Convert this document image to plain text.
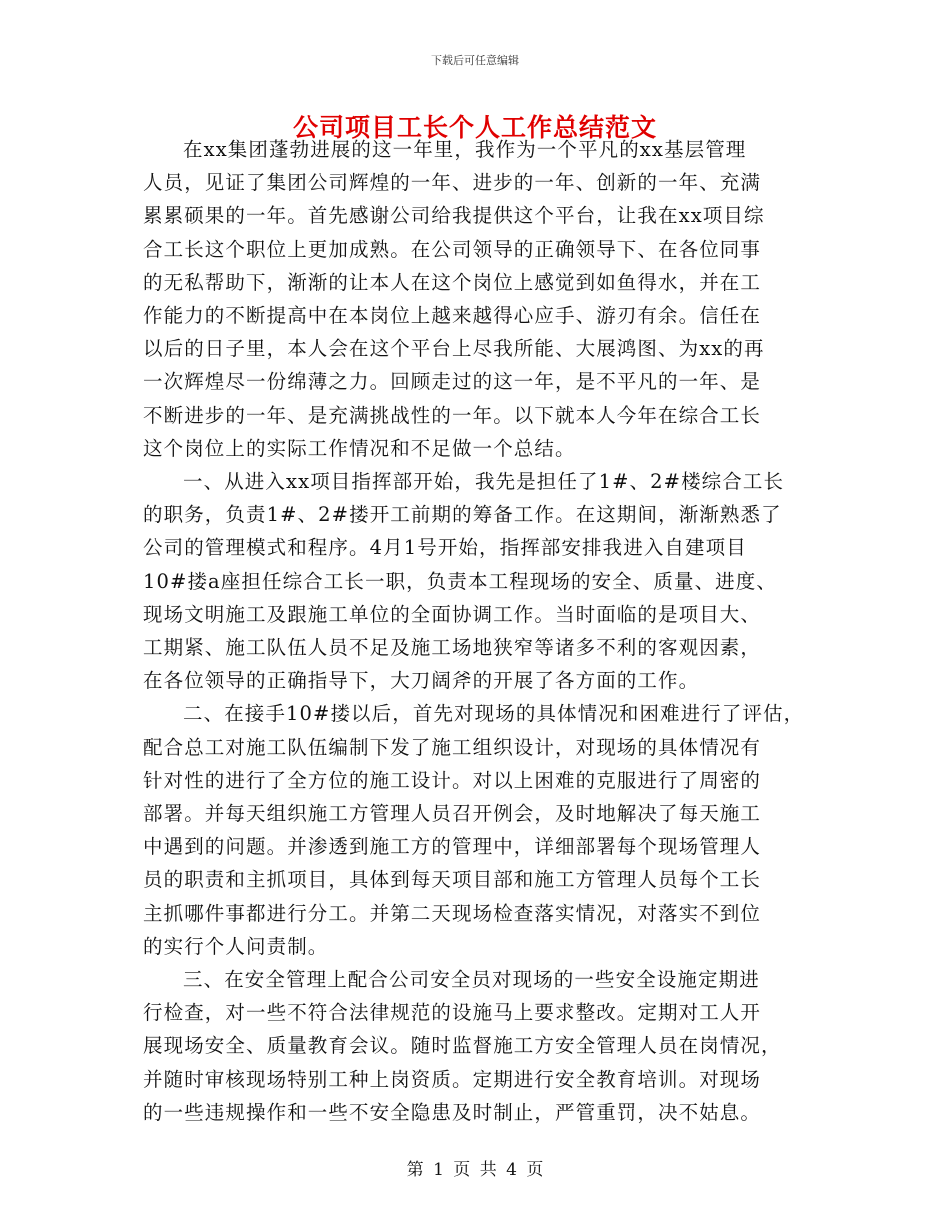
下载后可任意编辑
公司项目工长个人工作总结范文
在xx集团蓬勃进展的这一年里，我作为一个平凡的xx基层管理
人员，见证了集团公司辉煌的一年、进步的一年、创新的一年、充满
累累硕果的一年。首先感谢公司给我提供这个平台，让我在xx项目综
合工长这个职位上更加成熟。在公司领导的正确领导下、在各位同事
的无私帮助下，渐渐的让本人在这个岗位上感觉到如鱼得水，并在工
作能力的不断提高中在本岗位上越来越得心应手、游刃有余。信任在
以后的日子里，本人会在这个平台上尽我所能、大展鸿图、为xx的再
一次辉煌尽一份绵薄之力。回顾走过的这一年，是不平凡的一年、是
不断进步的一年、是充满挑战性的一年。以下就本人今年在综合工长
这个岗位上的实际工作情况和不足做一个总结。
一、从进入xx项目指挥部开始，我先是担任了1#、2#楼综合工长
的职务，负责1#、2#搂开工前期的筹备工作。在这期间，渐渐熟悉了
公司的管理模式和程序。4月1号开始，指挥部安排我进入自建项目
10#搂a座担任综合工长一职，负责本工程现场的安全、质量、进度、
现场文明施工及跟施工单位的全面协调工作。当时面临的是项目大、
工期紧、施工队伍人员不足及施工场地狭窄等诸多不利的客观因素，
在各位领导的正确指导下，大刀阔斧的开展了各方面的工作。
二、在接手10#搂以后，首先对现场的具体情况和困难进行了评估，
配合总工对施工队伍编制下发了施工组织设计，对现场的具体情况有
针对性的进行了全方位的施工设计。对以上困难的克服进行了周密的
部署。并每天组织施工方管理人员召开例会，及时地解决了每天施工
中遇到的问题。并渗透到施工方的管理中，详细部署每个现场管理人
员的职责和主抓项目，具体到每天项目部和施工方管理人员每个工长
主抓哪件事都进行分工。并第二天现场检查落实情况，对落实不到位
的实行个人问责制。
三、在安全管理上配合公司安全员对现场的一些安全设施定期进
行检查，对一些不符合法律规范的设施马上要求整改。定期对工人开
展现场安全、质量教育会议。随时监督施工方安全管理人员在岗情况，
并随时审核现场特别工种上岗资质。定期进行安全教育培训。对现场
的一些违规操作和一些不安全隐患及时制止，严管重罚，决不姑息。
第 1 页 共 4 页
